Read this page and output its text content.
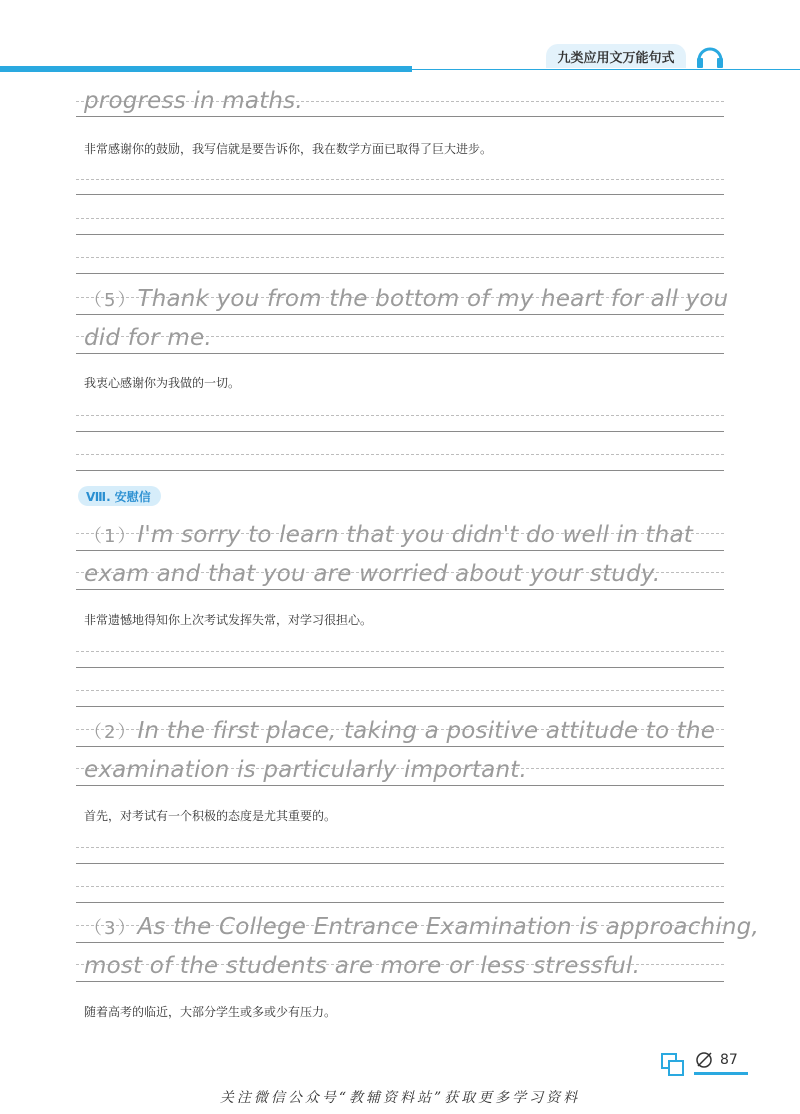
九类应用文万能句式
progress in maths.
非常感谢你的鼓励，我写信就是要告诉你，我在数学方面已取得了巨大进步。
（5）Thank you from the bottom of my heart for all you
did for me.
我衷心感谢你为我做的一切。
Ⅷ. 安慰信
（1）I'm sorry to learn that you didn't do well in that
exam and that you are worried about your study.
非常遗憾地得知你上次考试发挥失常，对学习很担心。
（2）In the first place, taking a positive attitude to the
examination is particularly important.
首先，对考试有一个积极的态度是尤其重要的。
（3）As the College Entrance Examination is approaching,
most of the students are more or less stressful.
随着高考的临近，大部分学生或多或少有压力。
87
关注微信公众号“教辅资料站”获取更多学习资料
